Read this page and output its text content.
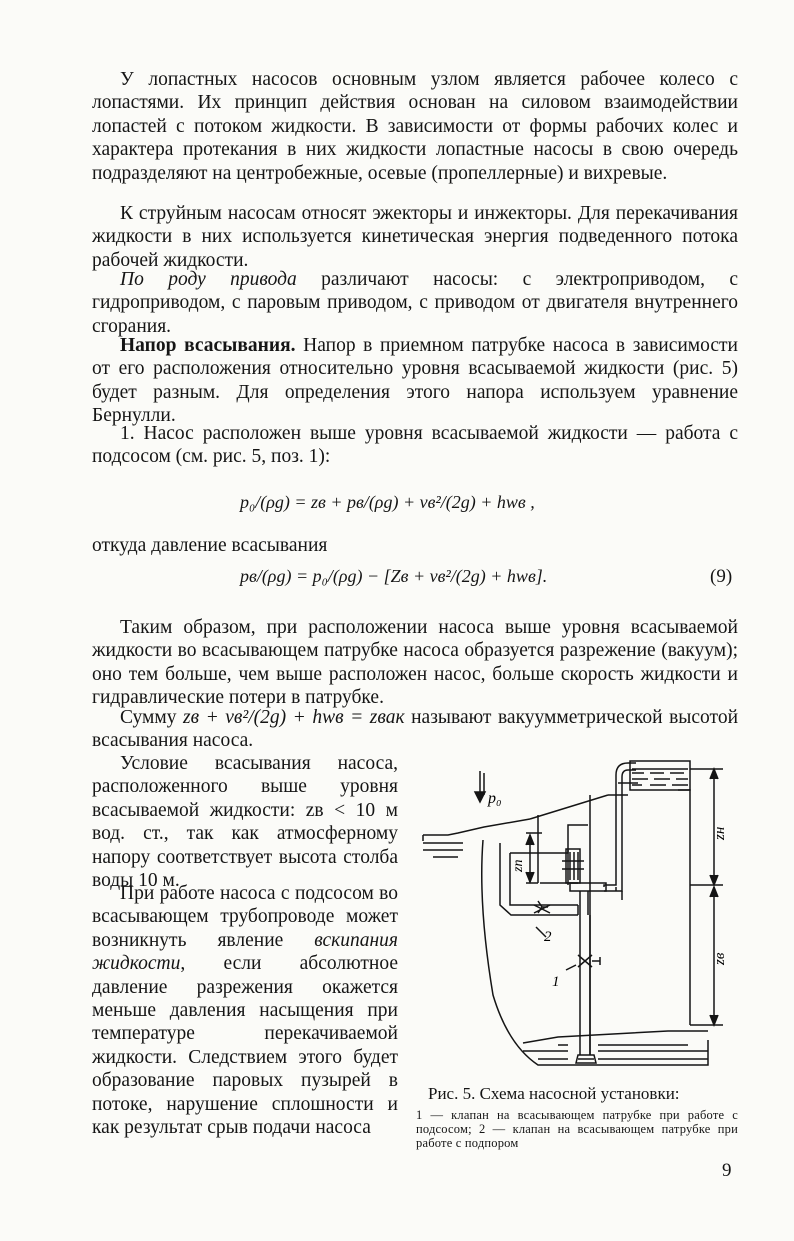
У лопастных насосов основным узлом является рабочее колесо с лопастями. Их принцип действия основан на силовом взаимодействии лопастей с потоком жидкости. В зависимости от формы рабочих колес и характера протекания в них жидкости лопастные насосы в свою очередь подразделяют на центробежные, осевые (пропеллерные) и вихревые.

К струйным насосам относят эжекторы и инжекторы. Для перекачивания жидкости в них используется кинетическая энергия подведенного потока рабочей жидкости.

По роду привода различают насосы: с электроприводом, с гидроприводом, с паровым приводом, с приводом от двигателя внутреннего сгорания.

Напор всасывания. Напор в приемном патрубке насоса в зависимости от его расположения относительно уровня всасываемой жидкости (рис. 5) будет разным. Для определения этого напора используем уравнение Бернулли.

1. Насос расположен выше уровня всасываемой жидкости — работа с подсосом (см. рис. 5, поз. 1):

p₀/(ρg) = zв + pв/(ρg) + vв²/(2g) + hwв ,

откуда давление всасывания

pв/(ρg) = p₀/(ρg) − [Zв + vв²/(2g) + hwв].	(9)

Таким образом, при расположении насоса выше уровня всасываемой жидкости во всасывающем патрубке насоса образуется разрежение (вакуум); оно тем больше, чем выше расположен насос, больше скорость жидкости и гидравлические потери в патрубке.

Сумму zв + vв²/(2g) + hwв = zвак называют вакуумметрической высотой всасывания насоса.

Условие всасывания насоса, расположенного выше уровня всасываемой жидкости: zв < 10 м вод. ст., так как атмосферному напору соответствует высота столба воды 10 м.

При работе насоса с подсосом во всасывающем трубопроводе может возникнуть явление вскипания жидкости, если абсолютное давление разрежения окажется меньше давления насыщения при температуре перекачиваемой жидкости. Следствием этого будет образование паровых пузырей в потоке, нарушение сплошности и как результат срыв подачи насоса

p₀
zп
zн
zв
2
1
Рис. 5. Схема насосной установки:
1 — клапан на всасывающем патрубке при работе с подсосом; 2 — клапан на всасывающем патрубке при работе с подпором
9
